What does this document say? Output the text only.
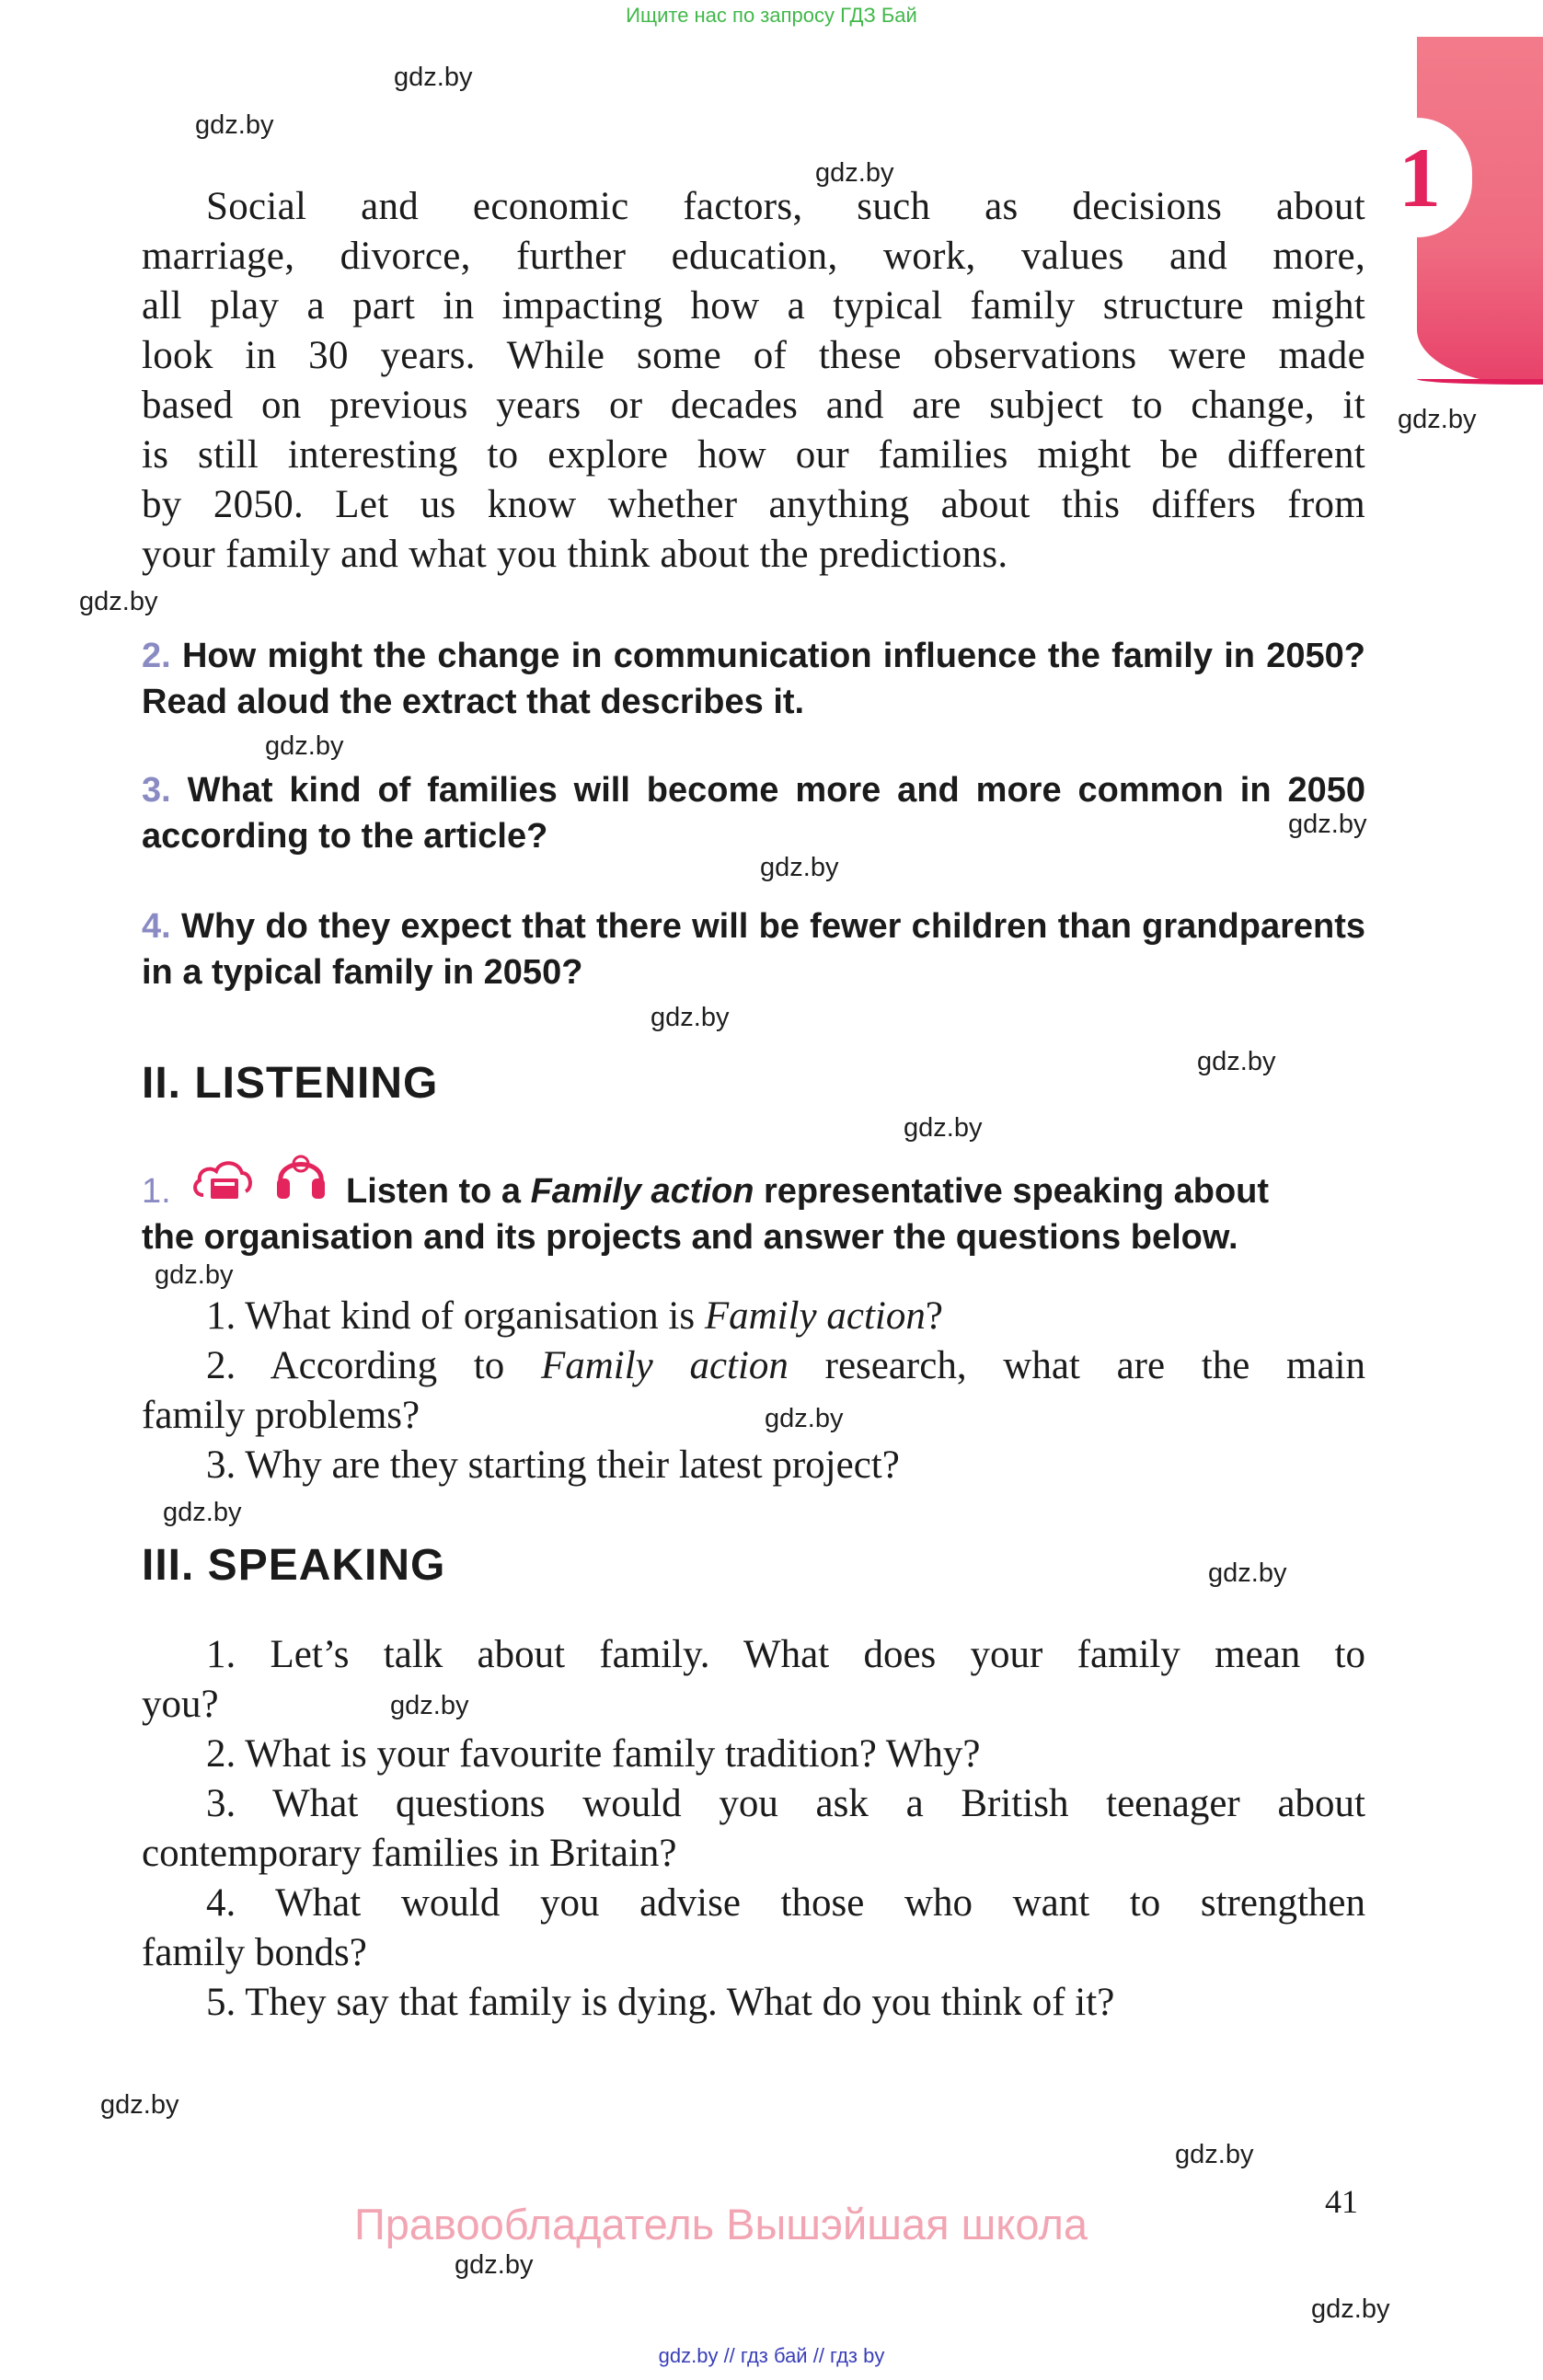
Ищите нас по запросу ГДЗ Бай
1
gdz.by
gdz.by
gdz.by
gdz.by
gdz.by
gdz.by
gdz.by
gdz.by
gdz.by
gdz.by
gdz.by
gdz.by
gdz.by
gdz.by
gdz.by
gdz.by
gdz.by
gdz.by
gdz.by
gdz.by
Social and economic factors, such as decisions about
marriage, divorce, further education, work, values and more,
all play a part in impacting how a typical family structure might
look in 30 years. While some of these observations were made
based on previous years or decades and are subject to change, it
is still interesting to explore how our families might be different
by 2050. Let us know whether anything about this differs from
your family and what you think about the predictions.
2. How might the change in communication influence the family in 2050? Read aloud the extract that describes it.
3. What kind of families will become more and more common in 2050 according to the article?
4. Why do they expect that there will be fewer children than grandparents in a typical family in 2050?
II. LISTENING
1.	Listen to a Family action representative speaking about
the organisation and its projects and answer the questions below.
1. What kind of organisation is Family action?
2. According to Family action research, what are the main
family problems?
3. Why are they starting their latest project?
III. SPEAKING
1. Let’s talk about family. What does your family mean to
you?
2. What is your favourite family tradition? Why?
3. What questions would you ask a British teenager about
contemporary families in Britain?
4. What would you advise those who want to strengthen
family bonds?
5. They say that family is dying. What do you think of it?
41
Правообладатель Вышэйшая школа
gdz.by // гдз бай // гдз by
